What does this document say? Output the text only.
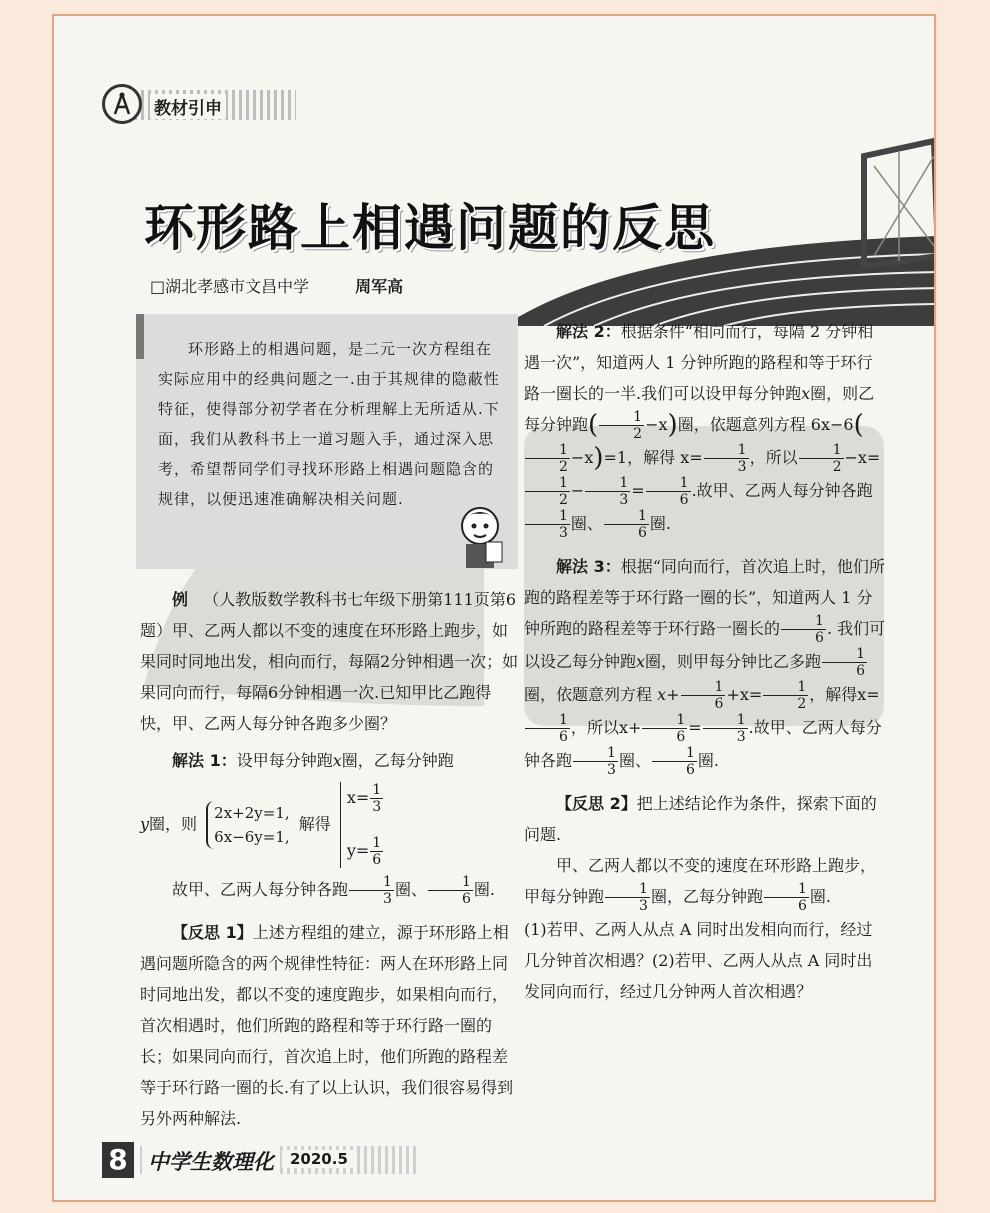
教材引申
环形路上相遇问题的反思
□湖北孝感市文昌中学	周军高

环形路上的相遇问题，是二元一次方程组在实际应用中的经典问题之一.由于其规律的隐蔽性特征，使得部分初学者在分析理解上无所适从.下面，我们从教科书上一道习题入手，通过深入思考，希望帮同学们寻找环形路上相遇问题隐含的规律，以便迅速准确解决相关问题.

例 （人教版数学教科书七年级下册第111页第6题）甲、乙两人都以不变的速度在环形路上跑步，如果同时同地出发，相向而行，每隔2分钟相遇一次；如果同向而行，每隔6分钟相遇一次.已知甲比乙跑得快，甲、乙两人每分钟各跑多少圈？

解法 1：设甲每分钟跑x圈，乙每分钟跑

y圈，则 2x+2y=1,
6x−6y=1, 解得 $x= \frac{1}{3}$

$y= \frac{1}{6}$

故甲、乙两人每分钟各跑 $\frac{1}{3}$ 圈、 $\frac{1}{6}$ 圈.

【反思 1】上述方程组的建立，源于环形路上相遇问题所隐含的两个规律性特征：两人在环形路上同时同地出发，都以不变的速度跑步，如果相向而行，首次相遇时，他们所跑的路程和等于环行路一圈的长；如果同向而行，首次追上时，他们所跑的路程差等于环行路一圈的长.有了以上认识，我们很容易得到另外两种解法.

解法 2：根据条件“相向而行，每隔 2 分钟相遇一次”，知道两人 1 分钟所跑的路程和等于环行路一圈长的一半.我们可以设甲每分钟跑x圈，则乙每分钟跑( $\frac{1}{2} -x$)圈，依题意列方程 6x−6(
$\frac{1}{2} -x)=1$，解得 $x= \frac{1}{3}$ ，所以 $\frac{1}{2} -x=$
$\frac{1}{2} - \frac{1}{3} = \frac{1}{6}$ .故甲、乙两人每分钟各跑
$\frac{1}{3}$ 圈、 $\frac{1}{6}$ 圈.

解法 3：根据“同向而行，首次追上时，他们所跑的路程差等于环行路一圈的长”，知道两人 1 分钟所跑的路程差等于环行路一圈长的 $\frac{1}{6}$ . 我们可以设乙每分钟跑x圈，则甲每分钟比乙多跑 $\frac{1}{6}$
圈，依题意列方程 $x+ \frac{1}{6} +x= \frac{1}{2}$ ，解得x=
$\frac{1}{6}$ ，所以$x+ \frac{1}{6} = \frac{1}{3}$ .故甲、乙两人每分钟各跑 $\frac{1}{3}$ 圈、 $\frac{1}{6}$ 圈.

【反思 2】把上述结论作为条件，探索下面的问题.

甲、乙两人都以不变的速度在环形路上跑步，甲每分钟跑 $\frac{1}{3}$ 圈，乙每分钟跑 $\frac{1}{6}$ 圈.

(1)若甲、乙两人从点 A 同时出发相向而行，经过几分钟首次相遇？(2)若甲、乙两人从点 A 同时出发同向而行，经过几分钟两人首次相遇？

8 中学生数理化	2020.5
